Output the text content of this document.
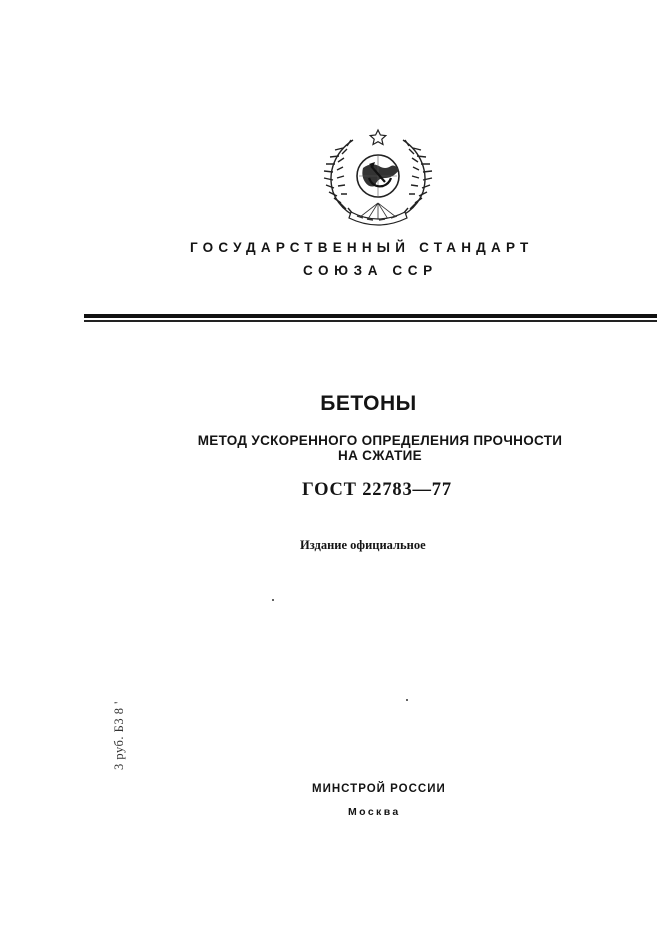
ГОСУДАРСТВЕННЫЙ СТАНДАРТ
СОЮЗА ССР
БЕТОНЫ
МЕТОД УСКОРЕННОГО ОПРЕДЕЛЕНИЯ ПРОЧНОСТИ
НА СЖАТИЕ
ГОСТ 22783—77
Издание официальное
3 руб. Б3 8 '
МИНСТРОЙ РОССИИ
Москва
